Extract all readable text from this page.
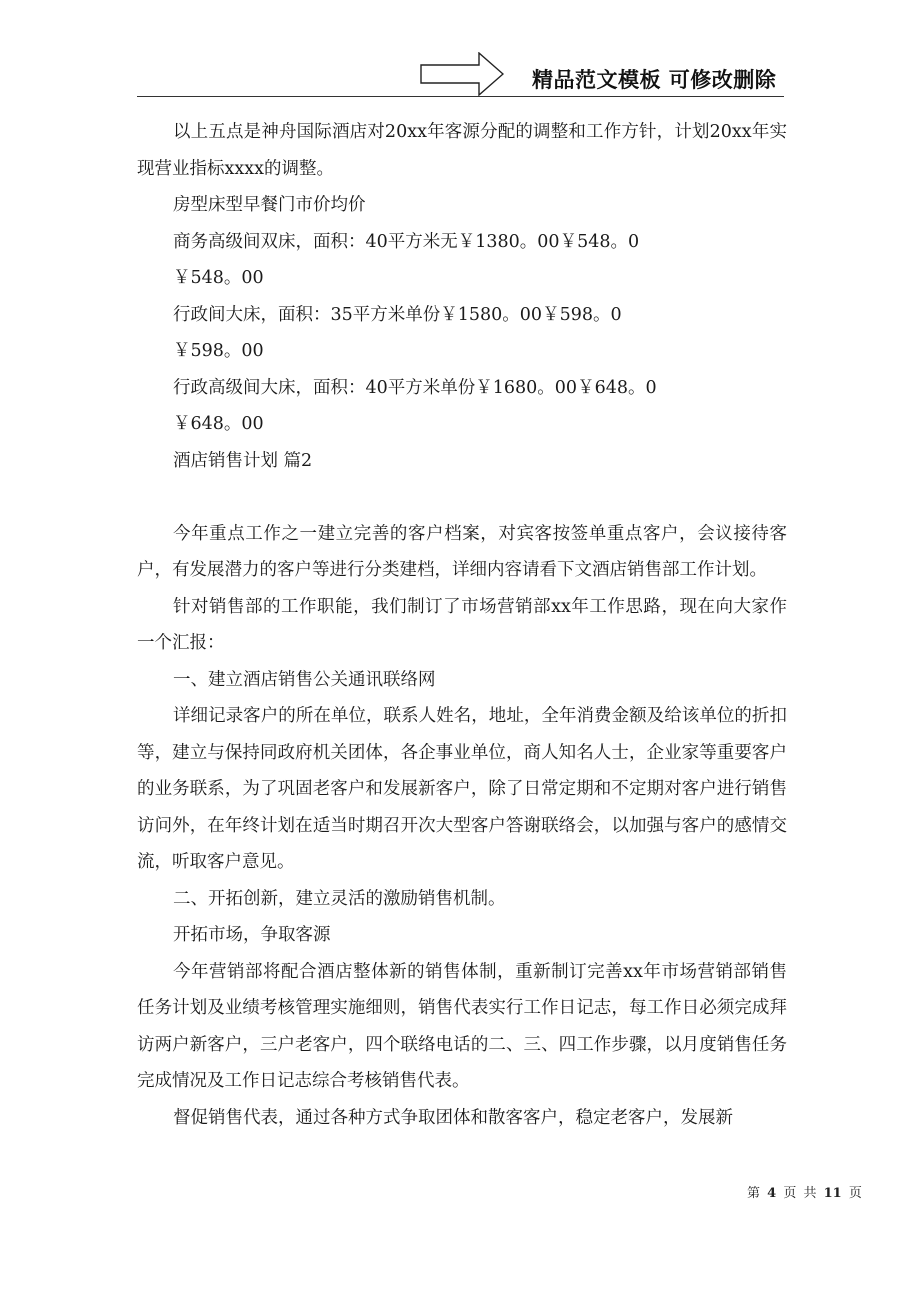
精品范文模板 可修改删除

以上五点是神舟国际酒店对20xx年客源分配的调整和工作方针，计划20xx年实现营业指标xxxx的调整。

房型床型早餐门市价均价

商务高级间双床，面积：40平方米无￥1380。00￥548。0

￥548。00

行政间大床，面积：35平方米单份￥1580。00￥598。0

￥598。00

行政高级间大床，面积：40平方米单份￥1680。00￥648。0

￥648。00

酒店销售计划 篇2

今年重点工作之一建立完善的客户档案，对宾客按签单重点客户，会议接待客户，有发展潜力的客户等进行分类建档，详细内容请看下文酒店销售部工作计划。

针对销售部的工作职能，我们制订了市场营销部xx年工作思路，现在向大家作一个汇报：

一、建立酒店销售公关通讯联络网

详细记录客户的所在单位，联系人姓名，地址，全年消费金额及给该单位的折扣等，建立与保持同政府机关团体，各企事业单位，商人知名人士，企业家等重要客户的业务联系，为了巩固老客户和发展新客户，除了日常定期和不定期对客户进行销售访问外，在年终计划在适当时期召开次大型客户答谢联络会，以加强与客户的感情交流，听取客户意见。

二、开拓创新，建立灵活的激励销售机制。

开拓市场，争取客源

今年营销部将配合酒店整体新的销售体制，重新制订完善xx年市场营销部销售任务计划及业绩考核管理实施细则，销售代表实行工作日记志，每工作日必须完成拜访两户新客户，三户老客户，四个联络电话的二、三、四工作步骤，以月度销售任务完成情况及工作日记志综合考核销售代表。

督促销售代表，通过各种方式争取团体和散客客户，稳定老客户，发展新

第 4 页 共 11 页
